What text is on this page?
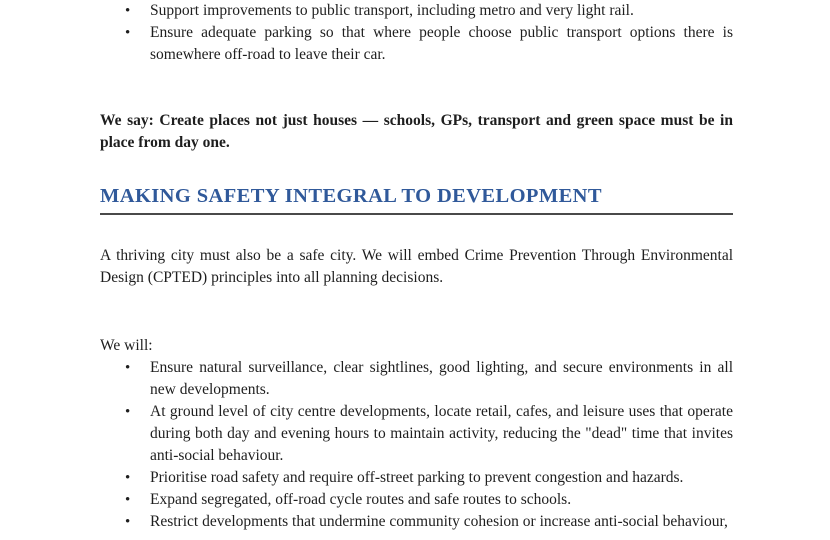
• Support improvements to public transport, including metro and very light rail.
• Ensure adequate parking so that where people choose public transport options there is somewhere off-road to leave their car.

We say: Create places not just houses — schools, GPs, transport and green space must be in place from day one.

MAKING SAFETY INTEGRAL TO DEVELOPMENT

A thriving city must also be a safe city. We will embed Crime Prevention Through Environmental Design (CPTED) principles into all planning decisions.

We will:

• Ensure natural surveillance, clear sightlines, good lighting, and secure environments in all new developments.
• At ground level of city centre developments, locate retail, cafes, and leisure uses that operate during both day and evening hours to maintain activity, reducing the "dead" time that invites anti-social behaviour.
• Prioritise road safety and require off-street parking to prevent congestion and hazards.
• Expand segregated, off-road cycle routes and safe routes to schools.
• Restrict developments that undermine community cohesion or increase anti-social behaviour,
